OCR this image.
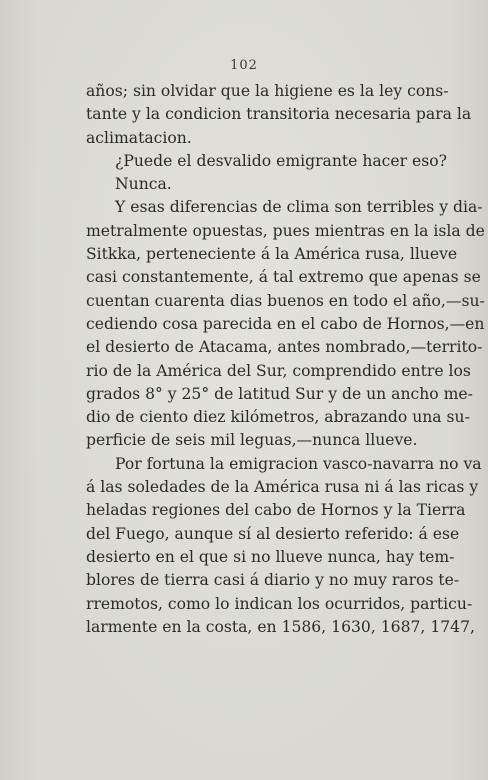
102
años; sin olvidar que la higiene es la ley cons-
tante y la condicion transitoria necesaria para la
aclimatacion.
¿Puede el desvalido emigrante hacer eso?
Nunca.
Y esas diferencias de clima son terribles y dia-
metralmente opuestas, pues mientras en la isla de
Sitkka, perteneciente á la América rusa, llueve
casi constantemente, á tal extremo que apenas se
cuentan cuarenta dias buenos en todo el año,—su-
cediendo cosa parecida en el cabo de Hornos,—en
el desierto de Atacama, antes nombrado,—territo-
rio de la América del Sur, comprendido entre los
grados 8° y 25° de latitud Sur y de un ancho me-
dio de ciento diez kilómetros, abrazando una su-
perficie de seis mil leguas,—nunca llueve.
Por fortuna la emigracion vasco-navarra no va
á las soledades de la América rusa ni á las ricas y
heladas regiones del cabo de Hornos y la Tierra
del Fuego, aunque sí al desierto referido: á ese
desierto en el que si no llueve nunca, hay tem-
blores de tierra casi á diario y no muy raros te-
rremotos, como lo indican los ocurridos, particu-
larmente en la costa, en 1586, 1630, 1687, 1747,
